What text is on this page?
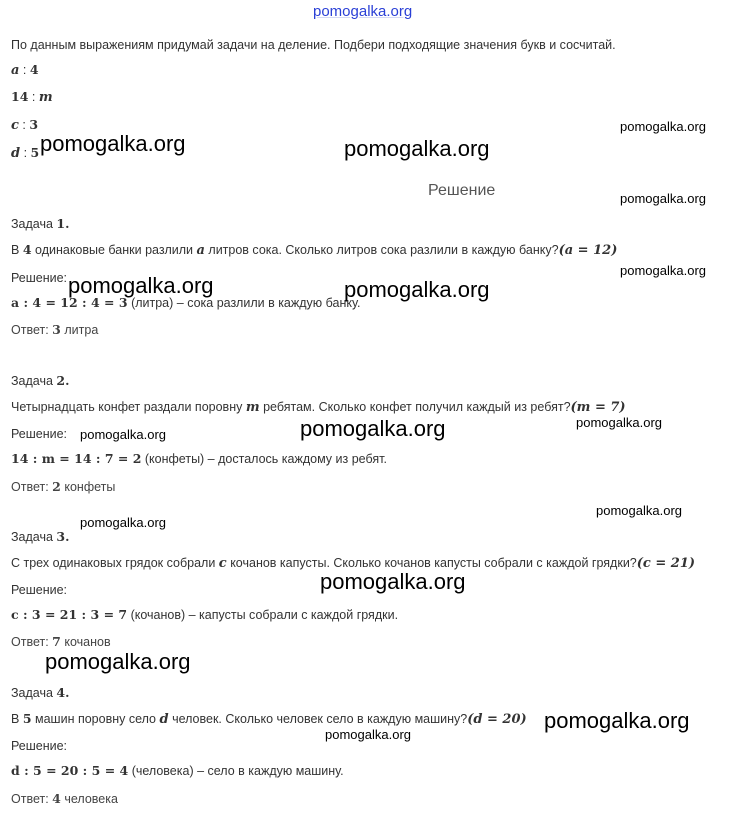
pomogalka.org
По данным выражениям придумай задачи на деление. Подбери подходящие значения букв и сосчитай.
a : 4
14 : m
c : 3
d : 5
Решение
Задача 1.
В 4 одинаковые банки разлили a литров сока. Сколько литров сока разлили в каждую банку?(a = 12)
Решение:
a : 4 = 12 : 4 = 3 (литра) – сока разлили в каждую банку.
Ответ: 3 литра
Задача 2.
Четырнадцать конфет раздали поровну m ребятам. Сколько конфет получил каждый из ребят?(m = 7)
Решение:
14 : m = 14 : 7 = 2 (конфеты) – досталось каждому из ребят.
Ответ: 2 конфеты
Задача 3.
С трех одинаковых грядок собрали c кочанов капусты. Сколько кочанов капусты собрали с каждой грядки?(c = 21)
Решение:
c : 3 = 21 : 3 = 7 (кочанов) – капусты собрали с каждой грядки.
Ответ: 7 кочанов
Задача 4.
В 5 машин поровну село d человек. Сколько человек село в каждую машину?(d = 20)
Решение:
d : 5 = 20 : 5 = 4 (человека) – село в каждую машину.
Ответ: 4 человека
pomogalka.org	pomogalka.org
pomogalka.org
pomogalka.org
pomogalka.org
pomogalka.org	pomogalka.org
pomogalka.org	pomogalka.org	pomogalka.org
pomogalka.org
pomogalka.org
pomogalka.org
pomogalka.org
pomogalka.org
pomogalka.org
